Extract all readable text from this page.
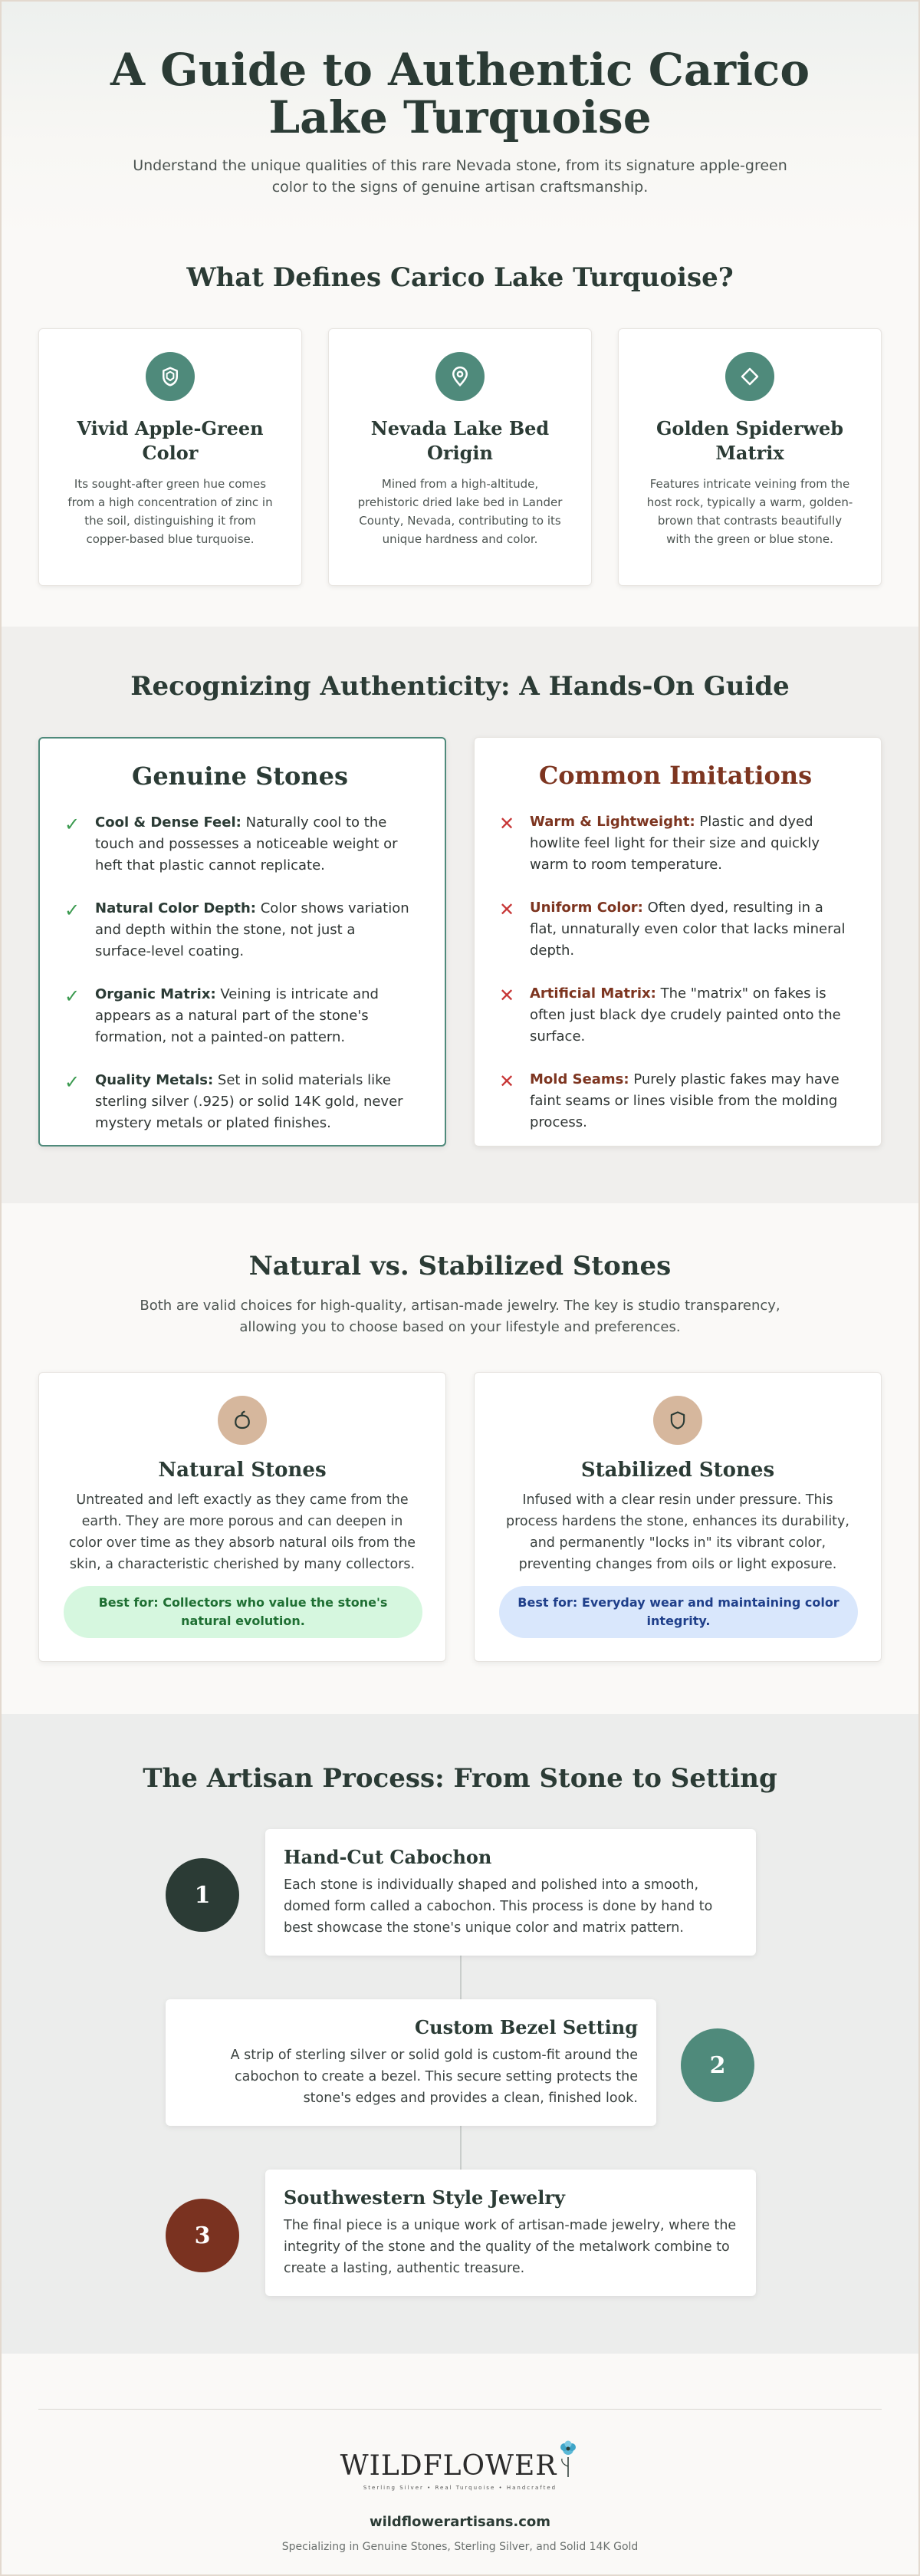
A Guide to Authentic Carico Lake Turquoise

Understand the unique qualities of this rare Nevada stone, from its signature apple-green color to the signs of genuine artisan craftsmanship.

What Defines Carico Lake Turquoise?
Vivid Apple-Green Color

Its sought-after green hue comes from a high concentration of zinc in the soil, distinguishing it from copper-based blue turquoise.

Nevada Lake Bed Origin

Mined from a high-altitude, prehistoric dried lake bed in Lander County, Nevada, contributing to its unique hardness and color.

Golden Spiderweb Matrix

Features intricate veining from the host rock, typically a warm, golden-brown that contrasts beautifully with the green or blue stone.

Recognizing Authenticity: A Hands-On Guide
Genuine Stones
✓	Cool & Dense Feel: Naturally cool to the touch and possesses a noticeable weight or heft that plastic cannot replicate.
✓	Natural Color Depth: Color shows variation and depth within the stone, not just a surface-level coating.
✓	Organic Matrix: Veining is intricate and appears as a natural part of the stone's formation, not a painted-on pattern.
✓	Quality Metals: Set in solid materials like sterling silver (.925) or solid 14K gold, never mystery metals or plated finishes.
Common Imitations
✕	Warm & Lightweight: Plastic and dyed howlite feel light for their size and quickly warm to room temperature.
✕	Uniform Color: Often dyed, resulting in a flat, unnaturally even color that lacks mineral depth.
✕	Artificial Matrix: The "matrix" on fakes is often just black dye crudely painted onto the surface.
✕	Mold Seams: Purely plastic fakes may have faint seams or lines visible from the molding process.
Natural vs. Stabilized Stones

Both are valid choices for high-quality, artisan-made jewelry. The key is studio transparency, allowing you to choose based on your lifestyle and preferences.

Natural Stones

Untreated and left exactly as they came from the earth. They are more porous and can deepen in color over time as they absorb natural oils from the skin, a characteristic cherished by many collectors.

Best for: Collectors who value the stone's natural evolution.
Stabilized Stones

Infused with a clear resin under pressure. This process hardens the stone, enhances its durability, and permanently "locks in" its vibrant color, preventing changes from oils or light exposure.

Best for: Everyday wear and maintaining color integrity.
The Artisan Process: From Stone to Setting
1
Hand-Cut Cabochon

Each stone is individually shaped and polished into a smooth, domed form called a cabochon. This process is done by hand to best showcase the stone's unique color and matrix pattern.

Custom Bezel Setting

A strip of sterling silver or solid gold is custom-fit around the cabochon to create a bezel. This secure setting protects the stone's edges and provides a clean, finished look.

2
3
Southwestern Style Jewelry

The final piece is a unique work of artisan-made jewelry, where the integrity of the stone and the quality of the metalwork combine to create a lasting, authentic treasure.

WILDFLOWER
Sterling Silver • Real Turquoise • Handcrafted
wildflowerartisans.com
Specializing in Genuine Stones, Sterling Silver, and Solid 14K Gold
